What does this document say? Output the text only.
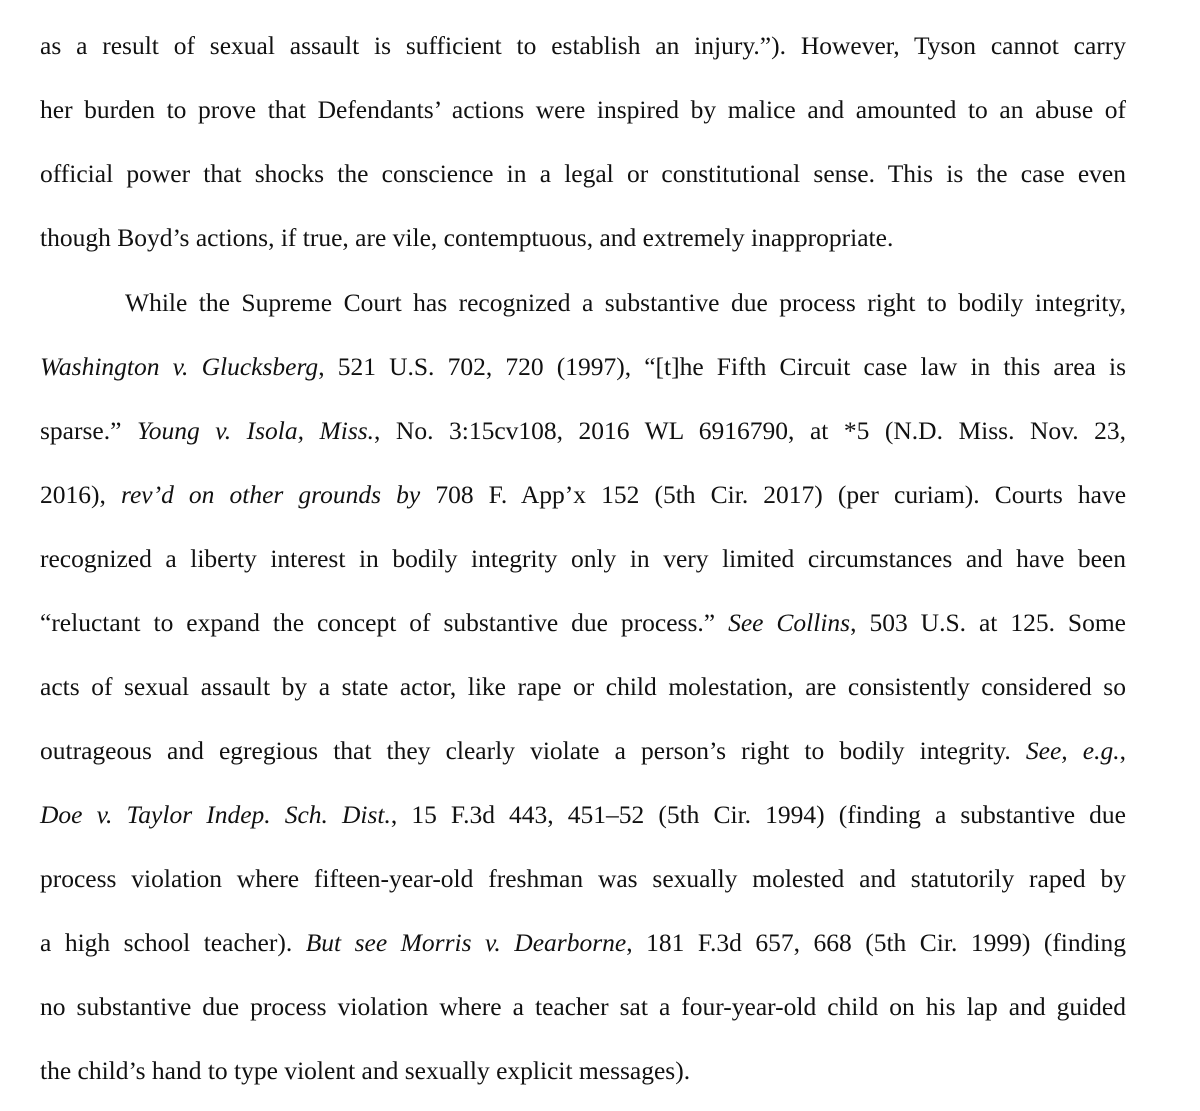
as a result of sexual assault is sufficient to establish an injury.”). However, Tyson cannot carry
her burden to prove that Defendants’ actions were inspired by malice and amounted to an abuse of
official power that shocks the conscience in a legal or constitutional sense. This is the case even
though Boyd’s actions, if true, are vile, contemptuous, and extremely inappropriate.
While the Supreme Court has recognized a substantive due process right to bodily integrity,
Washington v. Glucksberg, 521 U.S. 702, 720 (1997), “[t]he Fifth Circuit case law in this area is
sparse.” Young v. Isola, Miss., No. 3:15cv108, 2016 WL 6916790, at *5 (N.D. Miss. Nov. 23,
2016), rev’d on other grounds by 708 F. App’x 152 (5th Cir. 2017) (per curiam). Courts have
recognized a liberty interest in bodily integrity only in very limited circumstances and have been
“reluctant to expand the concept of substantive due process.” See Collins, 503 U.S. at 125. Some
acts of sexual assault by a state actor, like rape or child molestation, are consistently considered so
outrageous and egregious that they clearly violate a person’s right to bodily integrity. See, e.g.,
Doe v. Taylor Indep. Sch. Dist., 15 F.3d 443, 451–52 (5th Cir. 1994) (finding a substantive due
process violation where fifteen-year-old freshman was sexually molested and statutorily raped by
a high school teacher). But see Morris v. Dearborne, 181 F.3d 657, 668 (5th Cir. 1999) (finding
no substantive due process violation where a teacher sat a four-year-old child on his lap and guided
the child’s hand to type violent and sexually explicit messages).
